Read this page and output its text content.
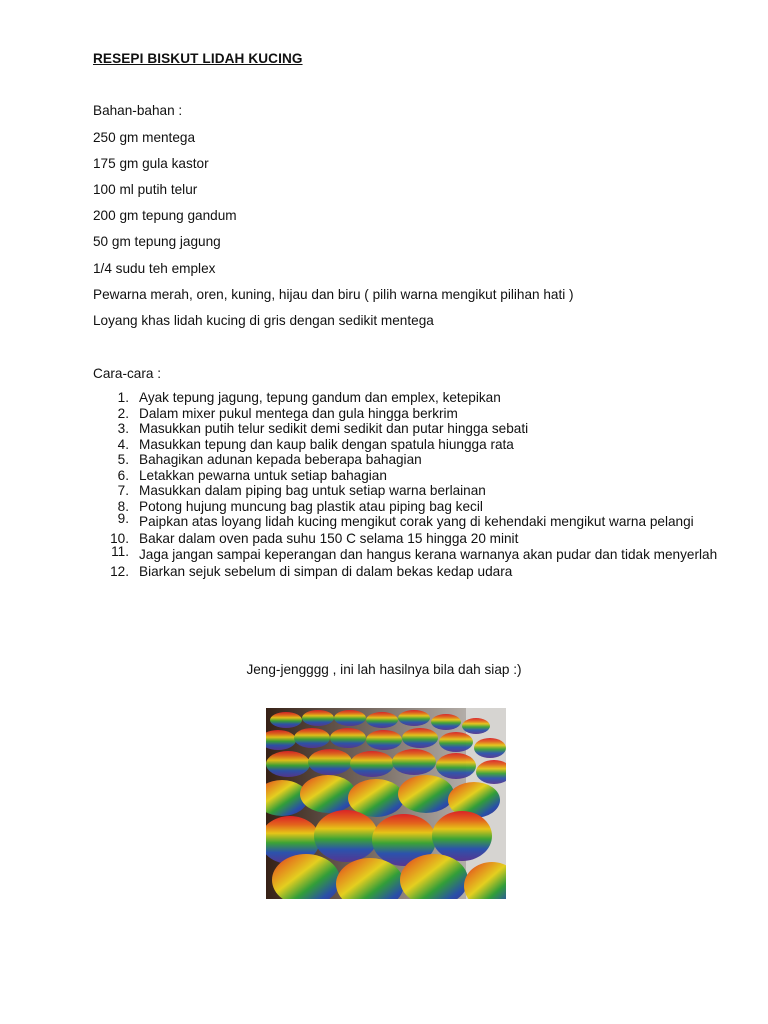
RESEPI BISKUT LIDAH KUCING
Bahan-bahan :
250 gm mentega
175 gm gula kastor
100 ml putih telur
200 gm tepung gandum
50 gm tepung jagung
1/4 sudu teh emplex
Pewarna merah, oren, kuning, hijau dan biru ( pilih warna mengikut pilihan hati )
Loyang khas lidah kucing di gris dengan sedikit mentega
Cara-cara :
1. Ayak tepung jagung, tepung gandum dan emplex, ketepikan
2. Dalam mixer pukul mentega dan gula hingga berkrim
3. Masukkan putih telur sedikit demi sedikit dan putar hingga sebati
4. Masukkan tepung dan kaup balik dengan spatula hiungga rata
5. Bahagikan adunan kepada beberapa bahagian
6. Letakkan pewarna untuk setiap bahagian
7. Masukkan dalam piping bag untuk setiap warna berlainan
8. Potong hujung muncung bag plastik atau piping bag kecil
9. Paipkan atas loyang lidah kucing mengikut corak yang di kehendaki mengikut warna pelangi
10. Bakar dalam oven pada suhu 150 C selama 15 hingga 20 minit
11. Jaga jangan sampai keperangan dan hangus kerana warnanya akan pudar dan tidak menyerlah
12. Biarkan sejuk sebelum di simpan di dalam bekas kedap udara
Jeng-jengggg , ini lah hasilnya bila dah siap :)
